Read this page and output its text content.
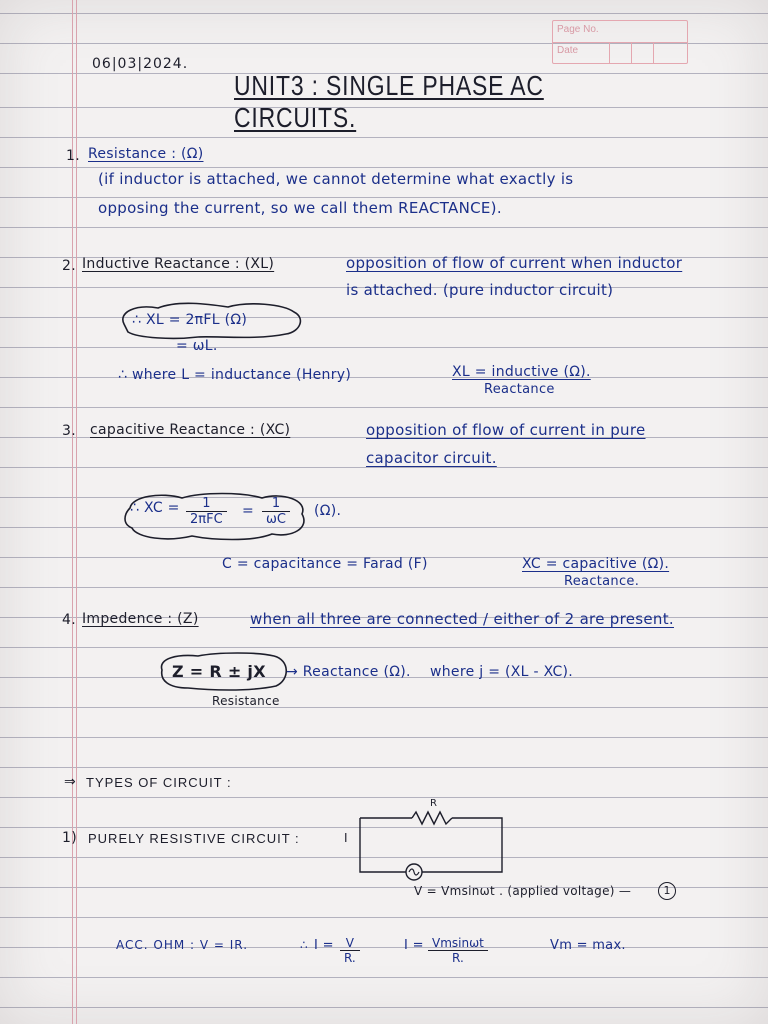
Page No.
Date
06|03|2024.
UNIT3 : SINGLE PHASE AC CIRCUITS.
1. Resistance : (Ω)
(if inductor is attached, we cannot determine what exactly is
opposing the current, so we call them REACTANCE).
2. Inductive Reactance : (XL)	opposition of flow of current when inductor
is attached. (pure inductor circuit)
∴ XL = 2πFL (Ω)
= ωL.
∴ where L = inductance (Henry)	XL = inductive (Ω).
Reactance
3. capacitive Reactance : (XC)	opposition of flow of current in pure
capacitor circuit.
∴ XC =	1
2πFC
= $\frac{1}{\omega C} (\Omega)$.
C = capacitance = Farad (F)	XC = capacitive (Ω).
Reactance.
4. Impedence : (Z)	when all three are connected / either of 2 are present.
Z = R ± jX → Reactance (Ω). where j = (XL - XC).
Resistance
⇒ TYPES OF CIRCUIT :
1) PURELY RESISTIVE CIRCUIT :
R
I
V = Vmsinωt . (applied voltage) —	1
ACC. OHM : V = IR.	∴ $I = \frac{V}{R.}$	$I = \frac{Vmsin\omega t}{R.}$	Vm = max.
